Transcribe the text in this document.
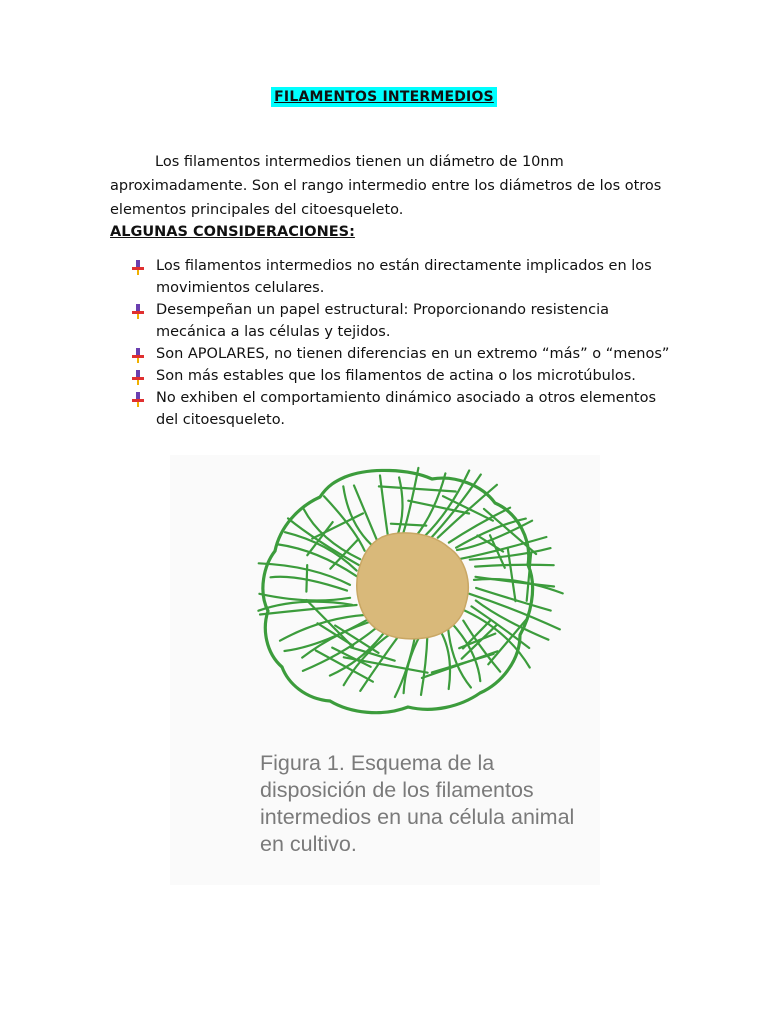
FILAMENTOS INTERMEDIOS

Los filamentos intermedios tienen un diámetro de 10nm aproximadamente. Son el rango intermedio entre los diámetros de los otros elementos principales del citoesqueleto.

ALGUNAS CONSIDERACIONES:

Los filamentos intermedios no están directamente implicados en los movimientos celulares.
Desempeñan un papel estructural: Proporcionando resistencia mecánica a las células y tejidos.
Son APOLARES, no tienen diferencias en un extremo “más” o “menos”
Son más estables que los filamentos de actina o los microtúbulos.
No exhiben el comportamiento dinámico asociado a otros elementos del citoesqueleto.

Figura 1. Esquema de la disposición de los filamentos intermedios en una célula animal en cultivo.
